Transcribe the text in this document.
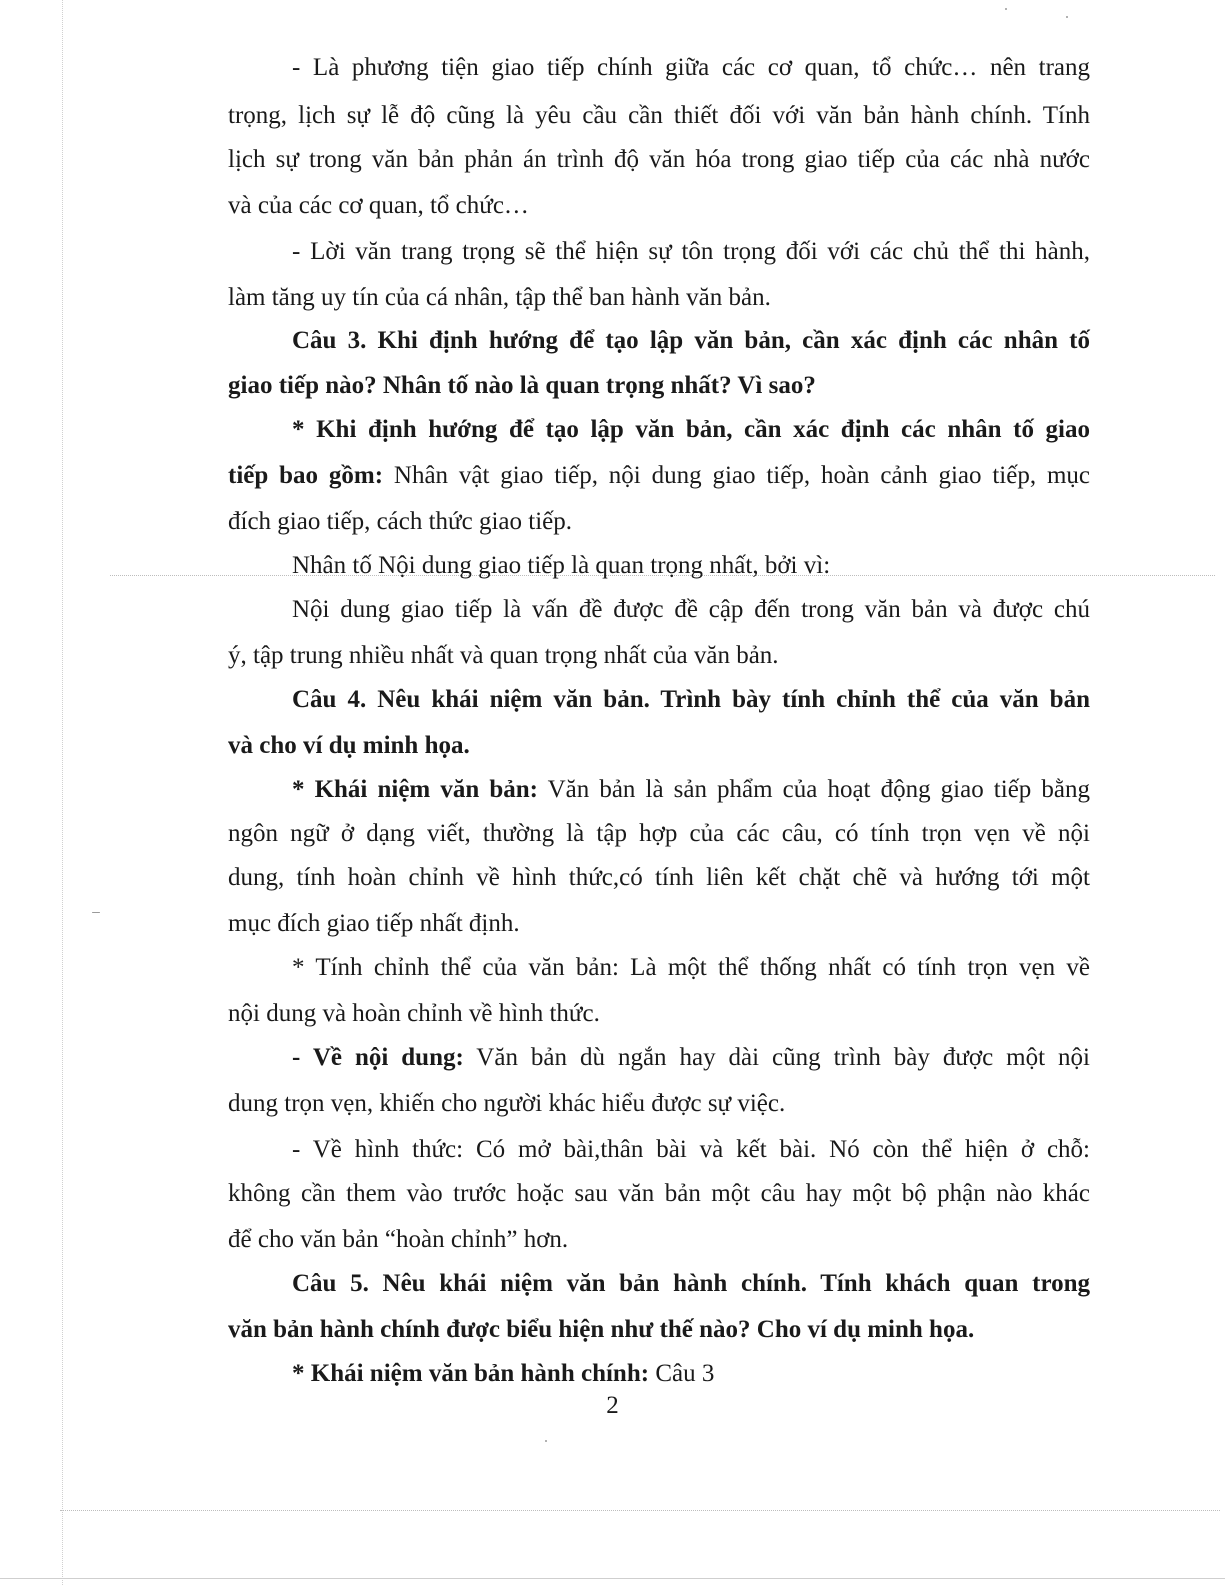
- Là phương tiện giao tiếp chính giữa các cơ quan, tổ chức… nên trang
trọng, lịch sự lễ độ cũng là yêu cầu cần thiết đối với văn bản hành chính. Tính
lịch sự trong văn bản phản án trình độ văn hóa trong giao tiếp của các nhà nước
và của các cơ quan, tổ chức…
- Lời văn trang trọng sẽ thể hiện sự tôn trọng đối với các chủ thể thi hành,
làm tăng uy tín của cá nhân, tập thể ban hành văn bản.
Câu 3. Khi định hướng để tạo lập văn bản, cần xác định các nhân tố
giao tiếp nào? Nhân tố nào là quan trọng nhất? Vì sao?
* Khi định hướng để tạo lập văn bản, cần xác định các nhân tố giao
tiếp bao gồm: Nhân vật giao tiếp, nội dung giao tiếp, hoàn cảnh giao tiếp, mục
đích giao tiếp, cách thức giao tiếp.
Nhân tố Nội dung giao tiếp là quan trọng nhất, bởi vì:
Nội dung giao tiếp là vấn đề được đề cập đến trong văn bản và được chú
ý, tập trung nhiều nhất và quan trọng nhất của văn bản.
Câu 4. Nêu khái niệm văn bản. Trình bày tính chỉnh thể của văn bản
và cho ví dụ minh họa.
* Khái niệm văn bản: Văn bản là sản phẩm của hoạt động giao tiếp bằng
ngôn ngữ ở dạng viết, thường là tập hợp của các câu, có tính trọn vẹn về nội
dung, tính hoàn chỉnh về hình thức,có tính liên kết chặt chẽ và hướng tới một
mục đích giao tiếp nhất định.
* Tính chỉnh thể của văn bản: Là một thể thống nhất có tính trọn vẹn về
nội dung và hoàn chỉnh về hình thức.
- Về nội dung: Văn bản dù ngắn hay dài cũng trình bày được một nội
dung trọn vẹn, khiến cho người khác hiểu được sự việc.
- Về hình thức: Có mở bài,thân bài và kết bài. Nó còn thể hiện ở chỗ:
không cần them vào trước hoặc sau văn bản một câu hay một bộ phận nào khác
để cho văn bản “hoàn chỉnh” hơn.
Câu 5. Nêu khái niệm văn bản hành chính. Tính khách quan trong
văn bản hành chính được biểu hiện như thế nào? Cho ví dụ minh họa.
* Khái niệm văn bản hành chính: Câu 3
2
